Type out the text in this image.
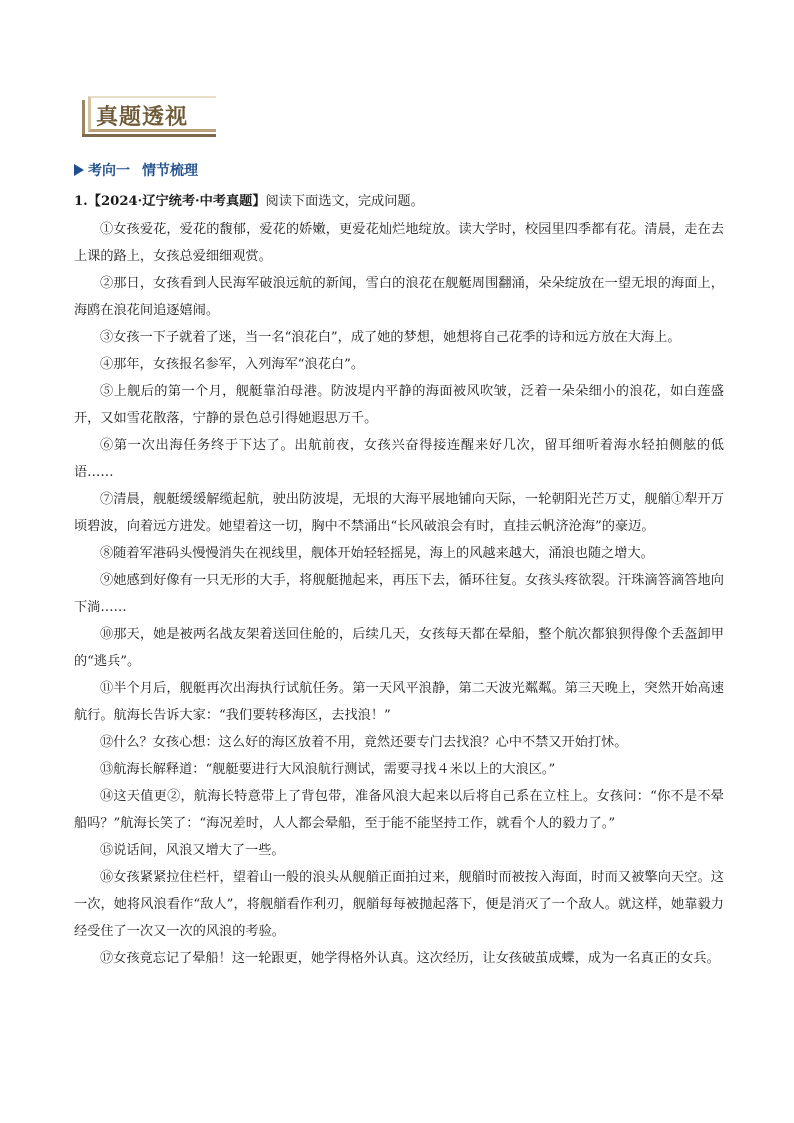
真题透视
考向一 情节梳理
1.【2024·辽宁统考·中考真题】阅读下面选文，完成问题。

①女孩爱花，爱花的馥郁，爱花的娇嫩，更爱花灿烂地绽放。读大学时，校园里四季都有花。清晨，走在去上课的路上，女孩总爱细细观赏。

②那日，女孩看到人民海军破浪远航的新闻，雪白的浪花在舰艇周围翻涌，朵朵绽放在一望无垠的海面上，海鸥在浪花间追逐嬉闹。

③女孩一下子就着了迷，当一名“浪花白”，成了她的梦想，她想将自己花季的诗和远方放在大海上。

④那年，女孩报名参军，入列海军“浪花白”。

⑤上舰后的第一个月，舰艇靠泊母港。防波堤内平静的海面被风吹皱，泛着一朵朵细小的浪花，如白莲盛开，又如雪花散落，宁静的景色总引得她遐思万千。

⑥第一次出海任务终于下达了。出航前夜，女孩兴奋得接连醒来好几次，留耳细听着海水轻拍侧舷的低语……

⑦清晨，舰艇缓缓解缆起航，驶出防波堤，无垠的大海平展地铺向天际，一轮朝阳光芒万丈，舰艏①犁开万顷碧波，向着远方进发。她望着这一切，胸中不禁涌出“长风破浪会有时，直挂云帆济沧海”的豪迈。

⑧随着军港码头慢慢消失在视线里，舰体开始轻轻摇晃，海上的风越来越大，涌浪也随之增大。

⑨她感到好像有一只无形的大手，将舰艇抛起来，再压下去，循环往复。女孩头疼欲裂。汗珠滴答滴答地向下淌……

⑩那天，她是被两名战友架着送回住舱的，后续几天，女孩每天都在晕船，整个航次都狼狈得像个丢盔卸甲的“逃兵”。

⑪半个月后，舰艇再次出海执行试航任务。第一天风平浪静，第二天波光粼粼。第三天晚上，突然开始高速航行。航海长告诉大家：“我们要转移海区，去找浪！”

⑫什么？女孩心想：这么好的海区放着不用，竟然还要专门去找浪？心中不禁又开始打怵。

⑬航海长解释道：“舰艇要进行大风浪航行测试，需要寻找４米以上的大浪区。”

⑭这天值更②，航海长特意带上了背包带，准备风浪大起来以后将自己系在立柱上。女孩问：“你不是不晕船吗？”航海长笑了：“海况差时，人人都会晕船，至于能不能坚持工作，就看个人的毅力了。”

⑮说话间，风浪又增大了一些。

⑯女孩紧紧拉住栏杆，望着山一般的浪头从舰艏正面拍过来，舰艏时而被按入海面，时而又被擎向天空。这一次，她将风浪看作“敌人”，将舰艏看作利刃，舰艏每每被抛起落下，便是消灭了一个敌人。就这样，她靠毅力经受住了一次又一次的风浪的考验。

⑰女孩竟忘记了晕船！这一轮跟更，她学得格外认真。这次经历，让女孩破茧成蝶，成为一名真正的女兵。
